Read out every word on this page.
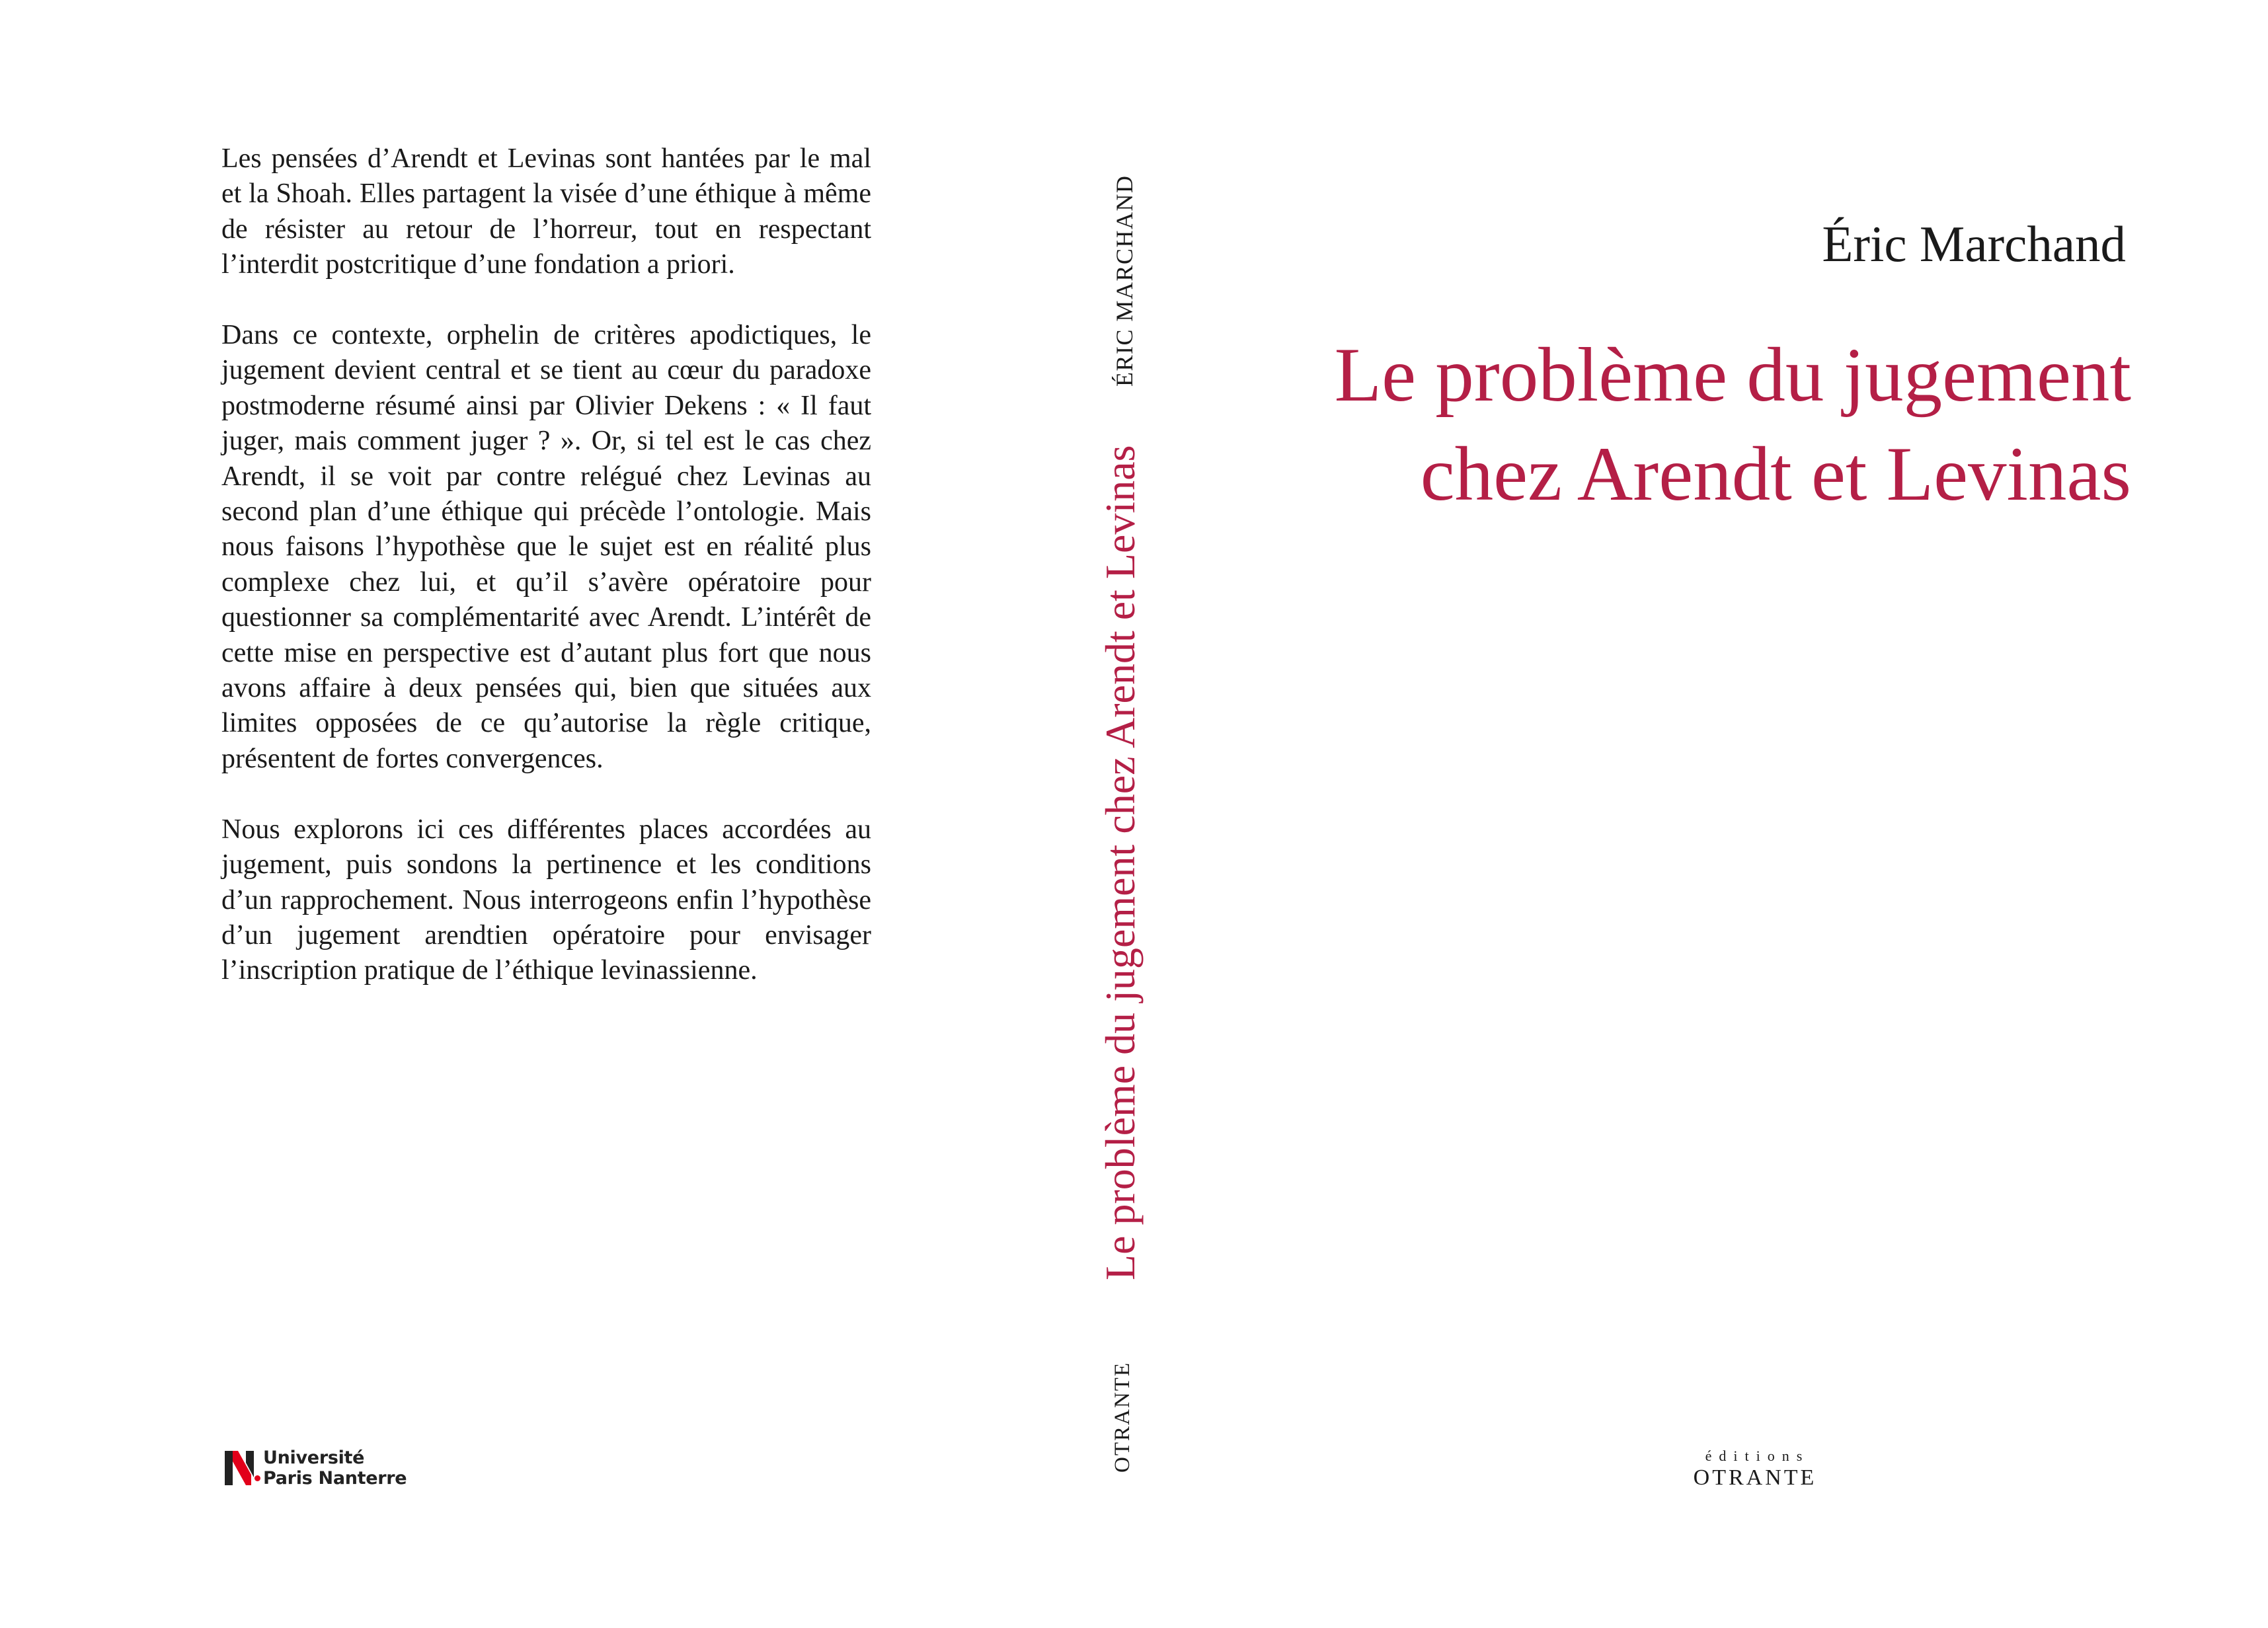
Les pensées d’Arendt et Levinas sont hantées par le mal et la Shoah. Elles partagent la visée d’une éthique à même de résister au retour de l’horreur, tout en respectant l’interdit postcritique d’une fondation a priori.

Dans ce contexte, orphelin de critères apodictiques, le jugement devient central et se tient au cœur du paradoxe postmoderne résumé ainsi par Olivier Dekens : « Il faut juger, mais comment juger ? ». Or, si tel est le cas chez Arendt, il se voit par contre relégué chez Levinas au second plan d’une éthique qui précède l’ontologie. Mais nous faisons l’hypothèse que le sujet est en réalité plus complexe chez lui, et qu’il s’avère opératoire pour questionner sa complémentarité avec Arendt. L’intérêt de cette mise en perspective est d’autant plus fort que nous avons affaire à deux pensées qui, bien que situées aux limites opposées de ce qu’autorise la règle critique, présentent de fortes convergences.

Nous explorons ici ces différentes places accordées au jugement, puis sondons la pertinence et les conditions d’un rapprochement. Nous interrogeons enfin l’hypothèse d’un jugement arendtien opératoire pour envisager l’inscription pratique de l’éthique levinassienne.

Université
Paris Nanterre
ÉRIC MARCHAND
Le problème du jugement chez Arendt et Levinas
OTRANTE
Éric Marchand
Le problème du jugement
chez Arendt et Levinas
éditions
OTRANTE
